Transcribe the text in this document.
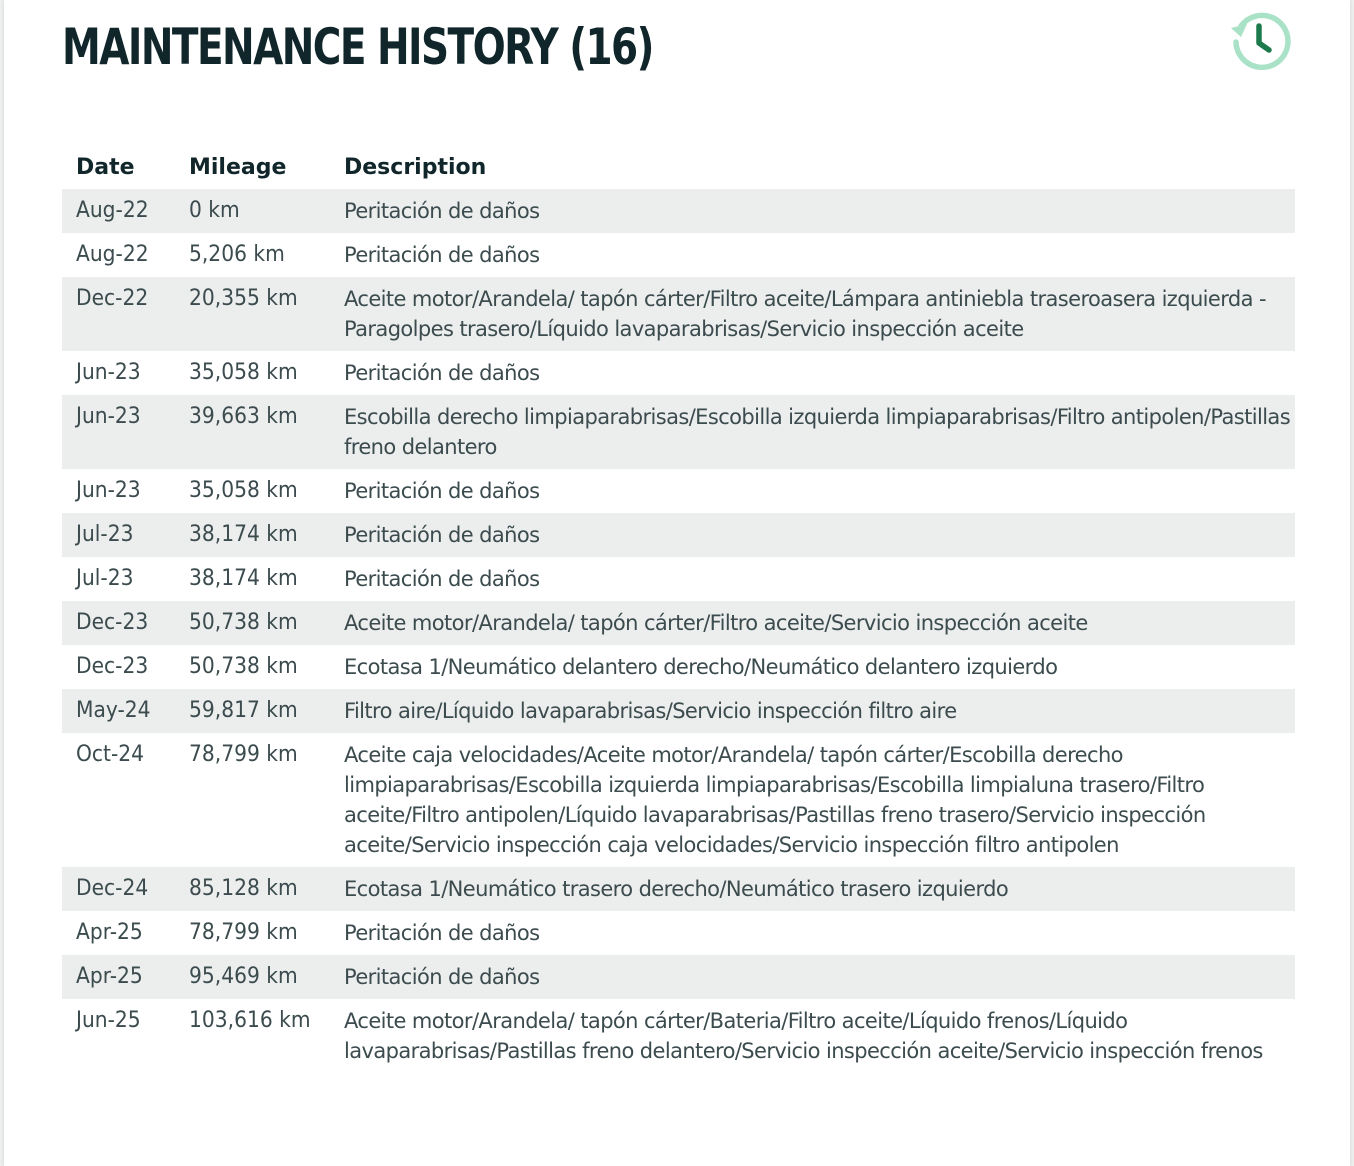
MAINTENANCE HISTORY (16)
Date	Mileage	Description
Aug-22	0 km	Peritación de daños

Aug-22	5,206 km	Peritación de daños

Dec-22	20,355 km	Aceite motor/Arandela/ tapón cárter/Filtro aceite/Lámpara antiniebla traseroasera izquierda - Paragolpes trasero/Líquido lavaparabrisas/Servicio inspección aceite

Jun-23	35,058 km	Peritación de daños

Jun-23	39,663 km	Escobilla derecho limpiaparabrisas/Escobilla izquierda limpiaparabrisas/Filtro antipolen/Pastillas freno delantero

Jun-23	35,058 km	Peritación de daños

Jul-23	38,174 km	Peritación de daños

Jul-23	38,174 km	Peritación de daños

Dec-23	50,738 km	Aceite motor/Arandela/ tapón cárter/Filtro aceite/Servicio inspección aceite

Dec-23	50,738 km	Ecotasa 1/Neumático delantero derecho/Neumático delantero izquierdo

May-24	59,817 km	Filtro aire/Líquido lavaparabrisas/Servicio inspección filtro aire

Oct-24	78,799 km	Aceite caja velocidades/Aceite motor/Arandela/ tapón cárter/Escobilla derecho limpiaparabrisas/Escobilla izquierda limpiaparabrisas/Escobilla limpialuna trasero/Filtro aceite/Filtro antipolen/Líquido lavaparabrisas/Pastillas freno trasero/Servicio inspección aceite/Servicio inspección caja velocidades/Servicio inspección filtro antipolen

Dec-24	85,128 km	Ecotasa 1/Neumático trasero derecho/Neumático trasero izquierdo

Apr-25	78,799 km	Peritación de daños

Apr-25	95,469 km	Peritación de daños

Jun-25	103,616 km	Aceite motor/Arandela/ tapón cárter/Bateria/Filtro aceite/Líquido frenos/Líquido lavaparabrisas/Pastillas freno delantero/Servicio inspección aceite/Servicio inspección frenos
